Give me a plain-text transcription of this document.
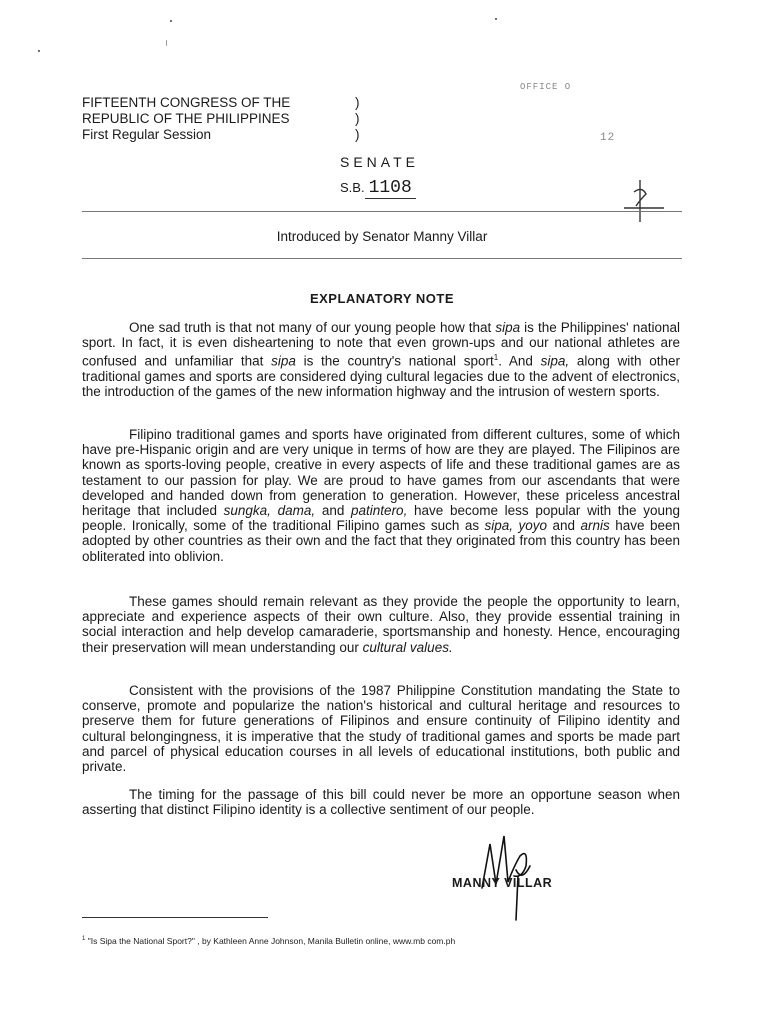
FIFTEENTH CONGRESS OF THE
REPUBLIC OF THE PHILIPPINES
First Regular Session
)
)
)
OFFICE O
12
SENATE
S.B. 1108
Introduced by Senator Manny Villar
EXPLANATORY NOTE

One sad truth is that not many of our young people how that sipa is the Philippines' national sport. In fact, it is even disheartening to note that even grown-ups and our national athletes are confused and unfamiliar that sipa is the country's national sport$^1$. And sipa, along with other traditional games and sports are considered dying cultural legacies due to the advent of electronics, the introduction of the games of the new information highway and the intrusion of western sports.

Filipino traditional games and sports have originated from different cultures, some of which have pre-Hispanic origin and are very unique in terms of how are they are played. The Filipinos are known as sports-loving people, creative in every aspects of life and these traditional games are as testament to our passion for play. We are proud to have games from our ascendants that were developed and handed down from generation to generation. However, these priceless ancestral heritage that included sungka, dama, and patintero, have become less popular with the young people. Ironically, some of the traditional Filipino games such as sipa, yoyo and arnis have been adopted by other countries as their own and the fact that they originated from this country has been obliterated into oblivion.

These games should remain relevant as they provide the people the opportunity to learn, appreciate and experience aspects of their own culture. Also, they provide essential training in social interaction and help develop camaraderie, sportsmanship and honesty. Hence, encouraging their preservation will mean understanding our cultural values.

Consistent with the provisions of the 1987 Philippine Constitution mandating the State to conserve, promote and popularize the nation's historical and cultural heritage and resources to preserve them for future generations of Filipinos and ensure continuity of Filipino identity and cultural belongingness, it is imperative that the study of traditional games and sports be made part and parcel of physical education courses in all levels of educational institutions, both public and private.

The timing for the passage of this bill could never be more an opportune season when asserting that distinct Filipino identity is a collective sentiment of our people.

MANNY VILLAR
$^1$ "Is Sipa the National Sport?" , by Kathleen Anne Johnson, Manila Bulletin online, www.mb com.ph
